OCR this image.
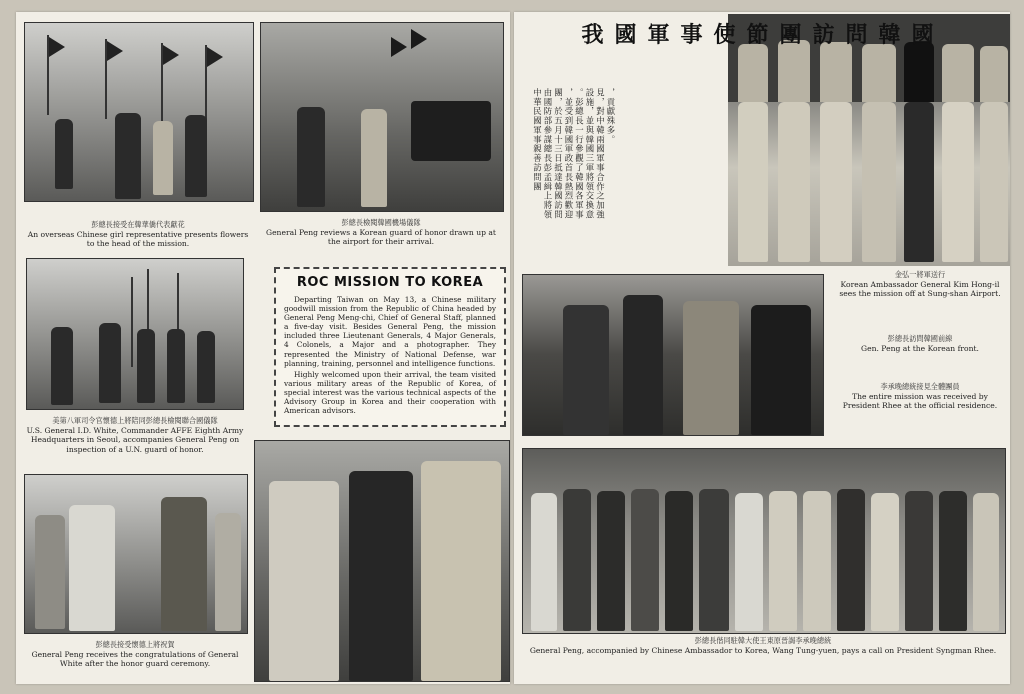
彭總長接受在韓華僑代表獻花
An overseas Chinese girl representative presents flowers to the head of the mission.
彭總長檢閱韓國機場儀隊
General Peng reviews a Korean guard of honor drawn up at the airport for their arrival.
美第八軍司令官懷德上將陪同彭總長檢閱聯合國儀隊
U.S. General I.D. White, Commander AFFE Eighth Army Headquarters in Seoul, accompanies General Peng on inspection of a U.N. guard of honor.
ROC MISSION TO KOREA

Departing Taiwan on May 13, a Chinese military goodwill mission from the Republic of China headed by General Peng Meng-chi, Chief of General Staff, planned a five-day visit. Besides General Peng, the mission included three Lieutenant Generals, 4 Major Generals, 4 Colonels, a Major and a photographer. They represented the Ministry of National Defense, war planning, training, personnel and intelligence functions.

Highly welcomed upon their arrival, the team visited various military areas of the Republic of Korea, of special interest was the various technical aspects of the Advisory Group in Korea and their cooperation with American advisors.

彭總長接受懷德上將祝賀
General Peng receives the congratulations of General White after the honor guard ceremony.
我國軍事使節團訪問韓國
，貢獻殊多。
見，對中韓兩國軍事合作之加強
設施，並與韓國三軍將領交換意
。彭總長一行參觀了韓國各軍事
，並受到韓國軍政首長熱烈歡迎
團，於五月十三日抵達韓國訪問
由國防部參謀總長彭孟緝上將領
中華民國軍事親善訪問團
金弘一將軍送行
Korean Ambassador General Kim Hong-il sees the mission off at Sung-shan Airport.
彭總長訪問韓國前線
Gen. Peng at the Korean front.
李承晚總統接見全體團員
The entire mission was received by President Rhee at the official residence.
彭總長偕同駐韓大使王東原晉謁李承晚總統
General Peng, accompanied by Chinese Ambassador to Korea, Wang Tung-yuen, pays a call on President Syngman Rhee.
